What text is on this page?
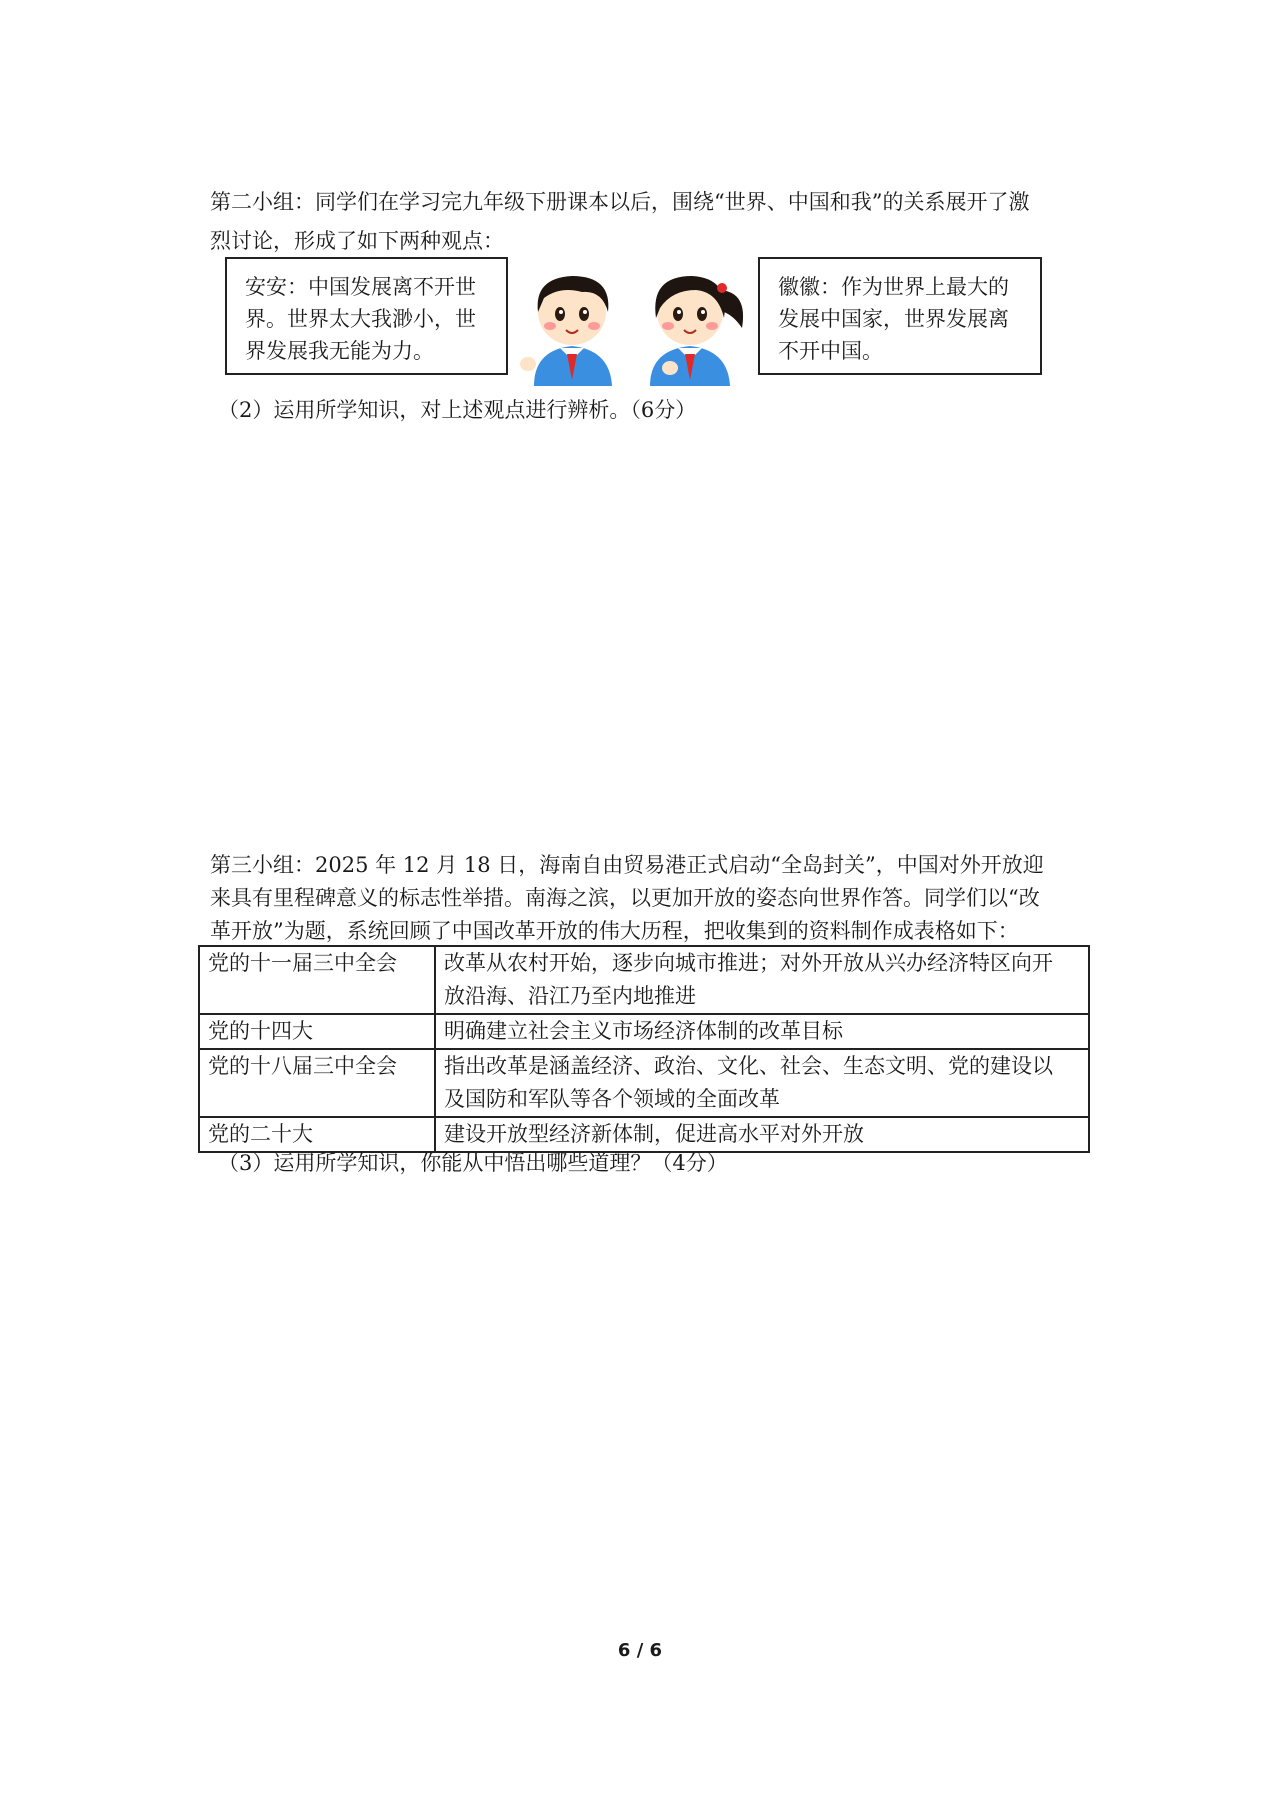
第二小组：同学们在学习完九年级下册课本以后，围绕“世界、中国和我”的关系展开了激
烈讨论，形成了如下两种观点：
安安：中国发展离不开世
界。世界太大我渺小，世
界发展我无能为力。
徽徽：作为世界上最大的
发展中国家，世界发展离
不开中国。
（2）运用所学知识，对上述观点进行辨析。（6分）
第三小组：2025 年 12 月 18 日，海南自由贸易港正式启动“全岛封关”，中国对外开放迎
来具有里程碑意义的标志性举措。南海之滨，以更加开放的姿态向世界作答。同学们以“改
革开放”为题，系统回顾了中国改革开放的伟大历程，把收集到的资料制作成表格如下：
党的十一届三中全会	改革从农村开始，逐步向城市推进；对外开放从兴办经济特区向开
放沿海、沿江乃至内地推进

党的十四大	明确建立社会主义市场经济体制的改革目标

党的十八届三中全会	指出改革是涵盖经济、政治、文化、社会、生态文明、党的建设以
及国防和军队等各个领域的全面改革

党的二十大	建设开放型经济新体制，促进高水平对外开放
（3）运用所学知识，你能从中悟出哪些道理？（4分）
6 / 6
